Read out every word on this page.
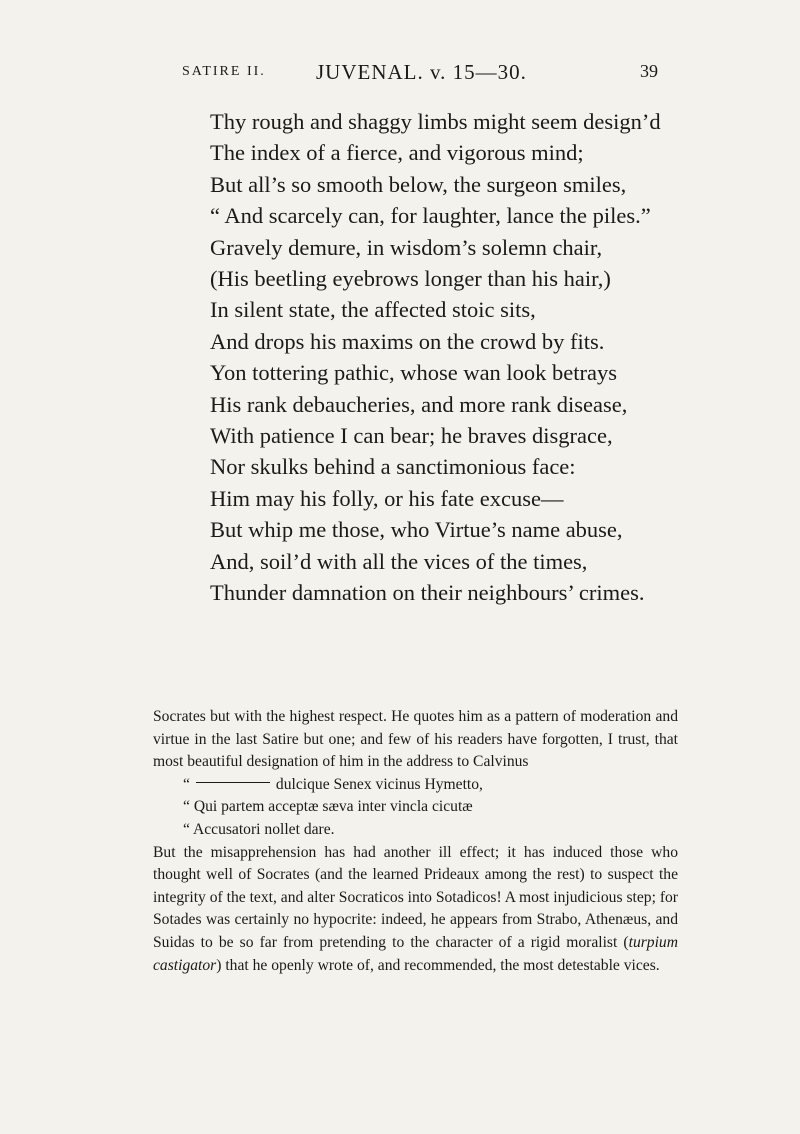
SATIRE II. JUVENAL. v. 15—30.	39
Thy rough and shaggy limbs might seem design’d
The index of a fierce, and vigorous mind;
But all’s so smooth below, the surgeon smiles,
“ And scarcely can, for laughter, lance the piles.”
Gravely demure, in wisdom’s solemn chair,
(His beetling eyebrows longer than his hair,)
In silent state, the affected stoic sits,
And drops his maxims on the crowd by fits.
Yon tottering pathic, whose wan look betrays
His rank debaucheries, and more rank disease,
With patience I can bear; he braves disgrace,
Nor skulks behind a sanctimonious face:
Him may his folly, or his fate excuse—
But whip me those, who Virtue’s name abuse,
And, soil’d with all the vices of the times,
Thunder damnation on their neighbours’ crimes.

Socrates but with the highest respect. He quotes him as a pattern of moderation and virtue in the last Satire but one; and few of his readers have forgotten, I trust, that most beautiful designation of him in the address to Calvinus

“	dulcique Senex vicinus Hymetto,
“ Qui partem acceptæ sæva inter vincla cicutæ
“ Accusatori nollet dare.

But the misapprehension has had another ill effect; it has induced those who thought well of Socrates (and the learned Prideaux among the rest) to suspect the integrity of the text, and alter Socraticos into Sotadicos! A most injudicious step; for Sotades was certainly no hypocrite: indeed, he appears from Strabo, Athenæus, and Suidas to be so far from pretending to the character of a rigid moralist (turpium castigator) that he openly wrote of, and recommended, the most detestable vices.
